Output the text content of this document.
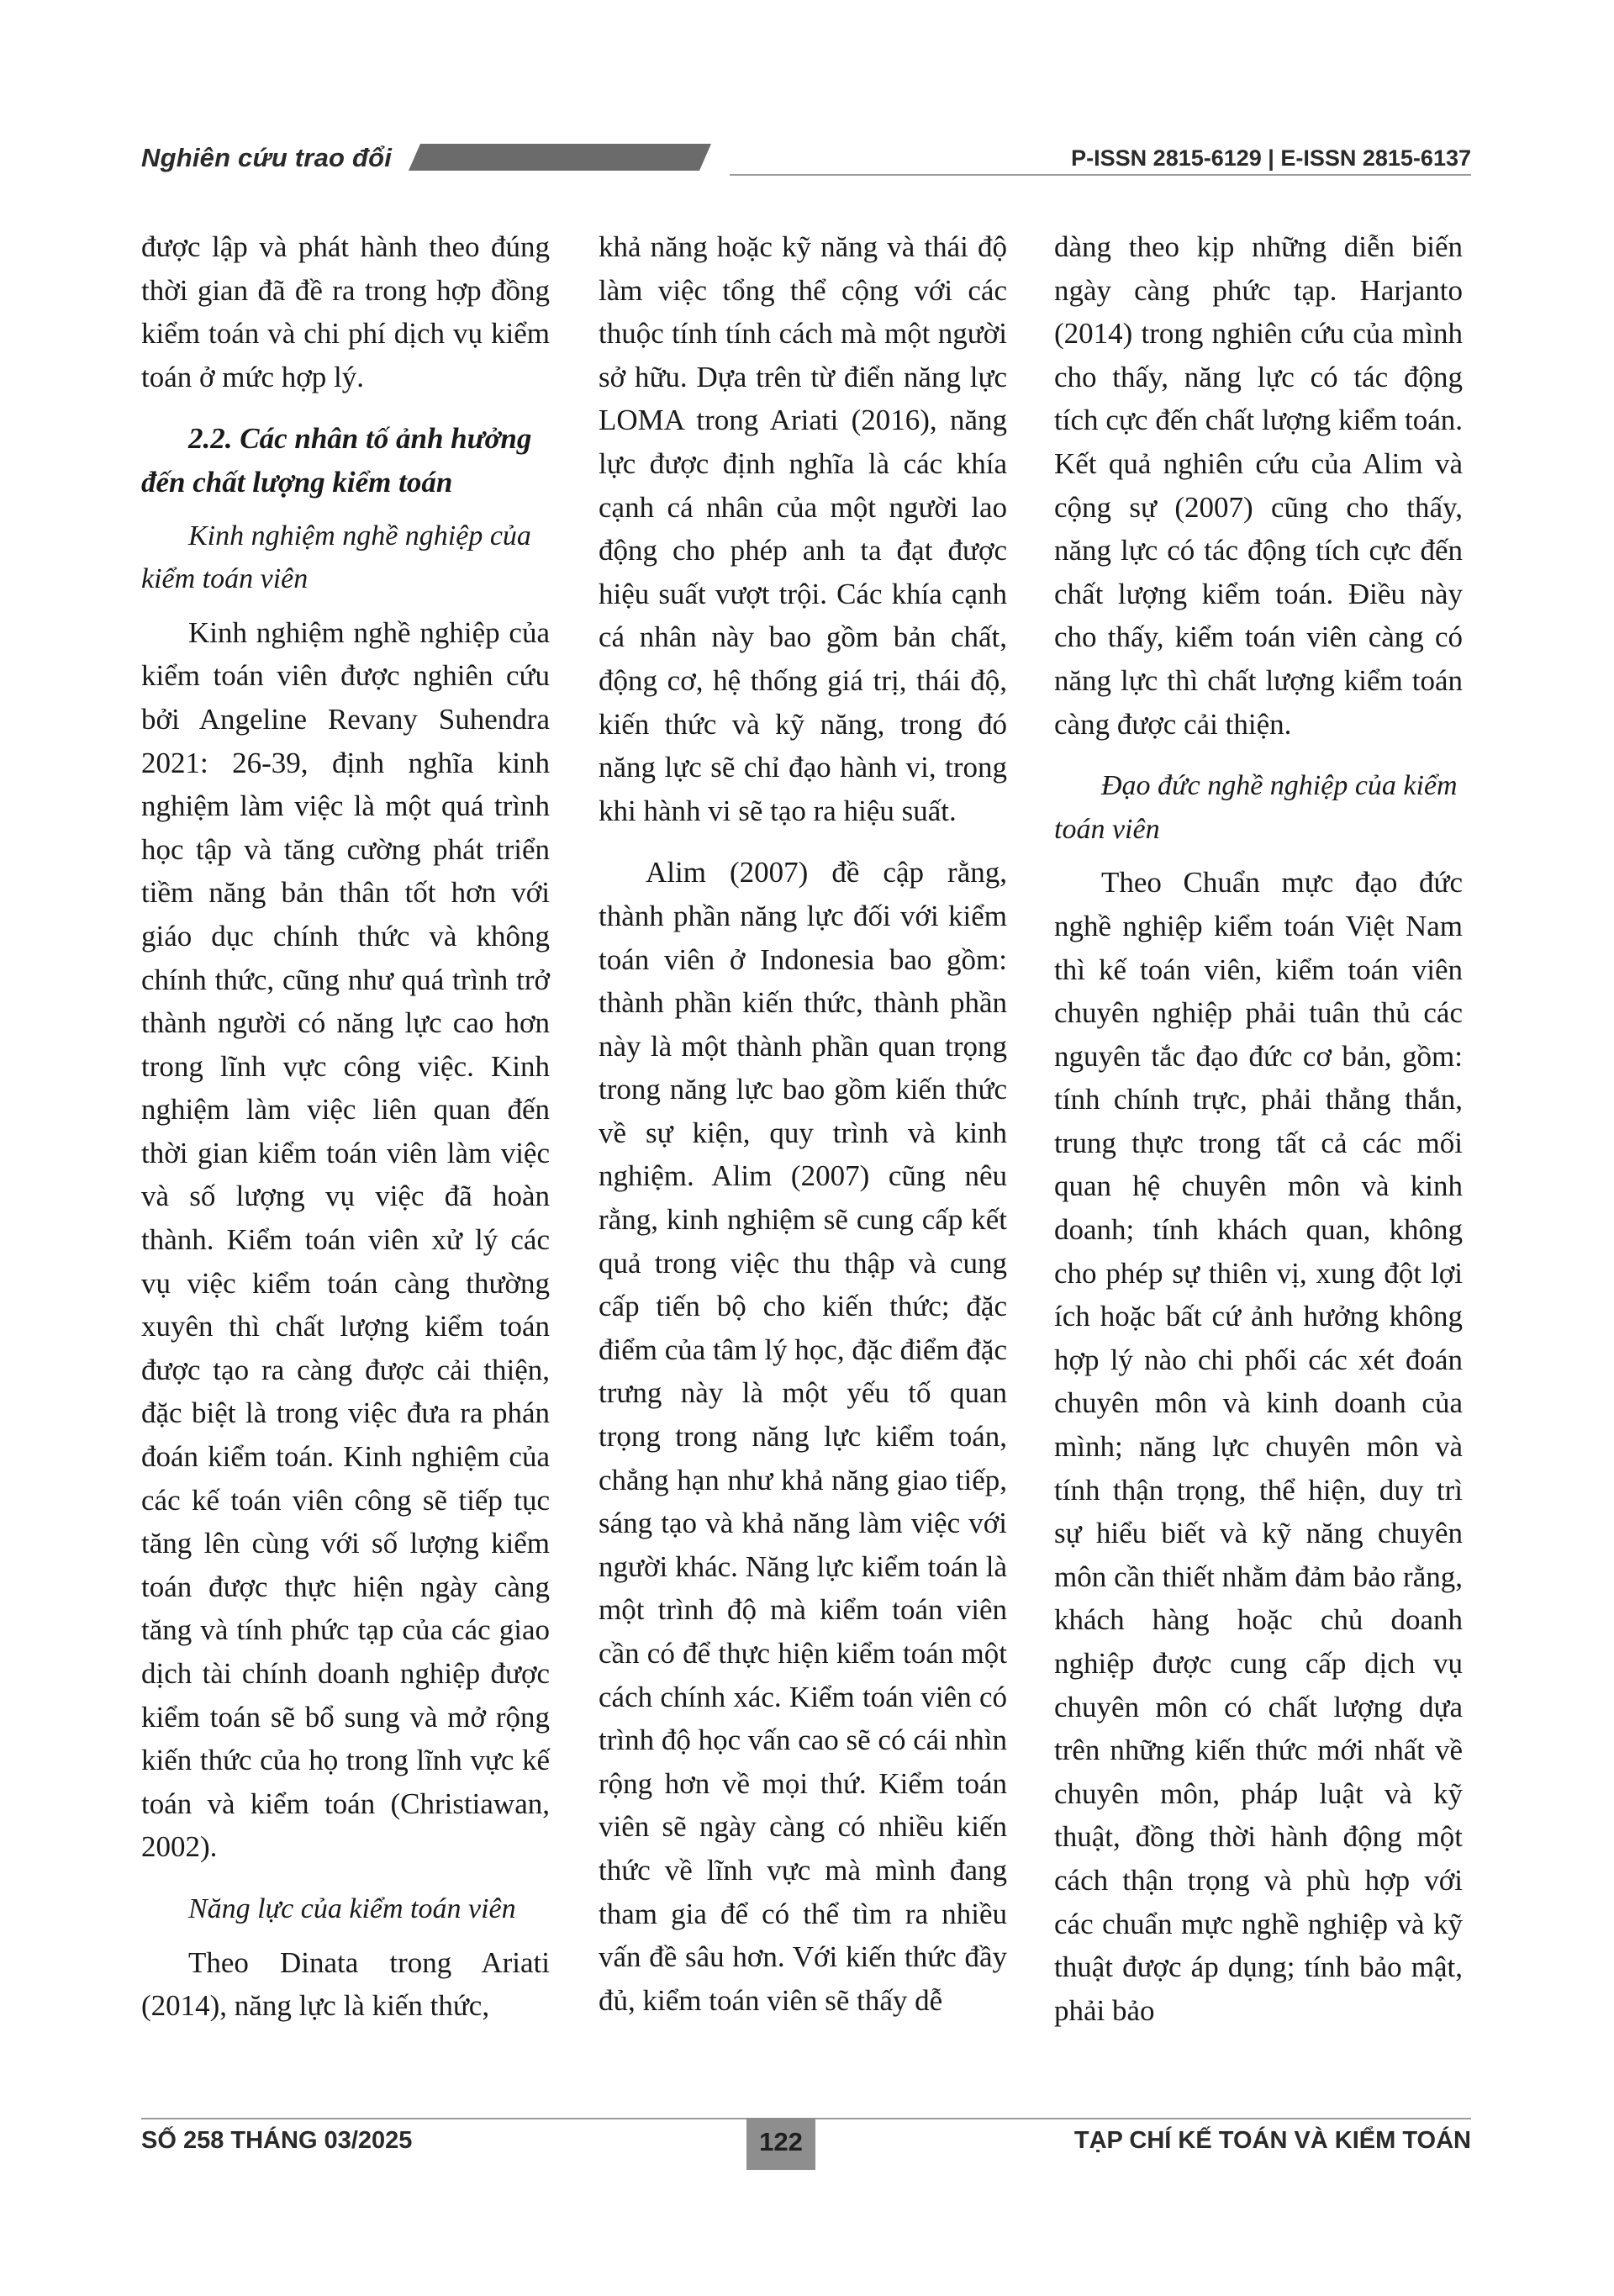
Nghiên cứu trao đổi	P-ISSN 2815-6129 | E-ISSN 2815-6137

được lập và phát hành theo đúng thời gian đã đề ra trong hợp đồng kiểm toán và chi phí dịch vụ kiểm toán ở mức hợp lý.

2.2. Các nhân tố ảnh hưởng đến chất lượng kiểm toán

Kinh nghiệm nghề nghiệp của kiểm toán viên

Kinh nghiệm nghề nghiệp của kiểm toán viên được nghiên cứu bởi Angeline Revany Suhendra 2021: 26-39, định nghĩa kinh nghiệm làm việc là một quá trình học tập và tăng cường phát triển tiềm năng bản thân tốt hơn với giáo dục chính thức và không chính thức, cũng như quá trình trở thành người có năng lực cao hơn trong lĩnh vực công việc. Kinh nghiệm làm việc liên quan đến thời gian kiểm toán viên làm việc và số lượng vụ việc đã hoàn thành. Kiểm toán viên xử lý các vụ việc kiểm toán càng thường xuyên thì chất lượng kiểm toán được tạo ra càng được cải thiện, đặc biệt là trong việc đưa ra phán đoán kiểm toán. Kinh nghiệm của các kế toán viên công sẽ tiếp tục tăng lên cùng với số lượng kiểm toán được thực hiện ngày càng tăng và tính phức tạp của các giao dịch tài chính doanh nghiệp được kiểm toán sẽ bổ sung và mở rộng kiến thức của họ trong lĩnh vực kế toán và kiểm toán (Christiawan, 2002).

Năng lực của kiểm toán viên

Theo Dinata trong Ariati (2014), năng lực là kiến thức,

khả năng hoặc kỹ năng và thái độ làm việc tổng thể cộng với các thuộc tính tính cách mà một người sở hữu. Dựa trên từ điển năng lực LOMA trong Ariati (2016), năng lực được định nghĩa là các khía cạnh cá nhân của một người lao động cho phép anh ta đạt được hiệu suất vượt trội. Các khía cạnh cá nhân này bao gồm bản chất, động cơ, hệ thống giá trị, thái độ, kiến thức và kỹ năng, trong đó năng lực sẽ chỉ đạo hành vi, trong khi hành vi sẽ tạo ra hiệu suất.

Alim (2007) đề cập rằng, thành phần năng lực đối với kiểm toán viên ở Indonesia bao gồm: thành phần kiến thức, thành phần này là một thành phần quan trọng trong năng lực bao gồm kiến thức về sự kiện, quy trình và kinh nghiệm. Alim (2007) cũng nêu rằng, kinh nghiệm sẽ cung cấp kết quả trong việc thu thập và cung cấp tiến bộ cho kiến thức; đặc điểm của tâm lý học, đặc điểm đặc trưng này là một yếu tố quan trọng trong năng lực kiểm toán, chẳng hạn như khả năng giao tiếp, sáng tạo và khả năng làm việc với người khác. Năng lực kiểm toán là một trình độ mà kiểm toán viên cần có để thực hiện kiểm toán một cách chính xác. Kiểm toán viên có trình độ học vấn cao sẽ có cái nhìn rộng hơn về mọi thứ. Kiểm toán viên sẽ ngày càng có nhiều kiến thức về lĩnh vực mà mình đang tham gia để có thể tìm ra nhiều vấn đề sâu hơn. Với kiến thức đầy đủ, kiểm toán viên sẽ thấy dễ

dàng theo kịp những diễn biến ngày càng phức tạp. Harjanto (2014) trong nghiên cứu của mình cho thấy, năng lực có tác động tích cực đến chất lượng kiểm toán. Kết quả nghiên cứu của Alim và cộng sự (2007) cũng cho thấy, năng lực có tác động tích cực đến chất lượng kiểm toán. Điều này cho thấy, kiểm toán viên càng có năng lực thì chất lượng kiểm toán càng được cải thiện.

Đạo đức nghề nghiệp của kiểm toán viên

Theo Chuẩn mực đạo đức nghề nghiệp kiểm toán Việt Nam thì kế toán viên, kiểm toán viên chuyên nghiệp phải tuân thủ các nguyên tắc đạo đức cơ bản, gồm: tính chính trực, phải thẳng thắn, trung thực trong tất cả các mối quan hệ chuyên môn và kinh doanh; tính khách quan, không cho phép sự thiên vị, xung đột lợi ích hoặc bất cứ ảnh hưởng không hợp lý nào chi phối các xét đoán chuyên môn và kinh doanh của mình; năng lực chuyên môn và tính thận trọng, thể hiện, duy trì sự hiểu biết và kỹ năng chuyên môn cần thiết nhằm đảm bảo rằng, khách hàng hoặc chủ doanh nghiệp được cung cấp dịch vụ chuyên môn có chất lượng dựa trên những kiến thức mới nhất về chuyên môn, pháp luật và kỹ thuật, đồng thời hành động một cách thận trọng và phù hợp với các chuẩn mực nghề nghiệp và kỹ thuật được áp dụng; tính bảo mật, phải bảo

SỐ 258 THÁNG 03/2025	122	TẠP CHÍ KẾ TOÁN VÀ KIỂM TOÁN
